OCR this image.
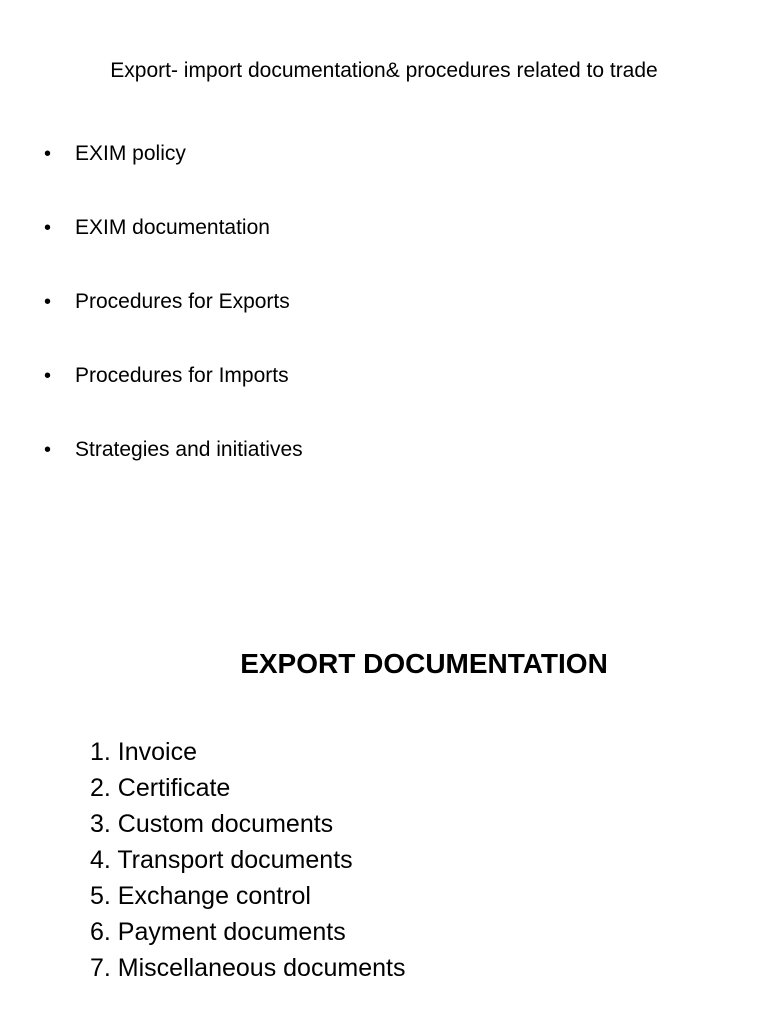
Export- import documentation& procedures related to trade
•	EXIM policy
•	EXIM documentation
•	Procedures for Exports
•	Procedures for Imports
•	Strategies and initiatives
EXPORT DOCUMENTATION
1. Invoice
2. Certificate
3. Custom documents
4. Transport documents
5. Exchange control
6. Payment documents
7. Miscellaneous documents
